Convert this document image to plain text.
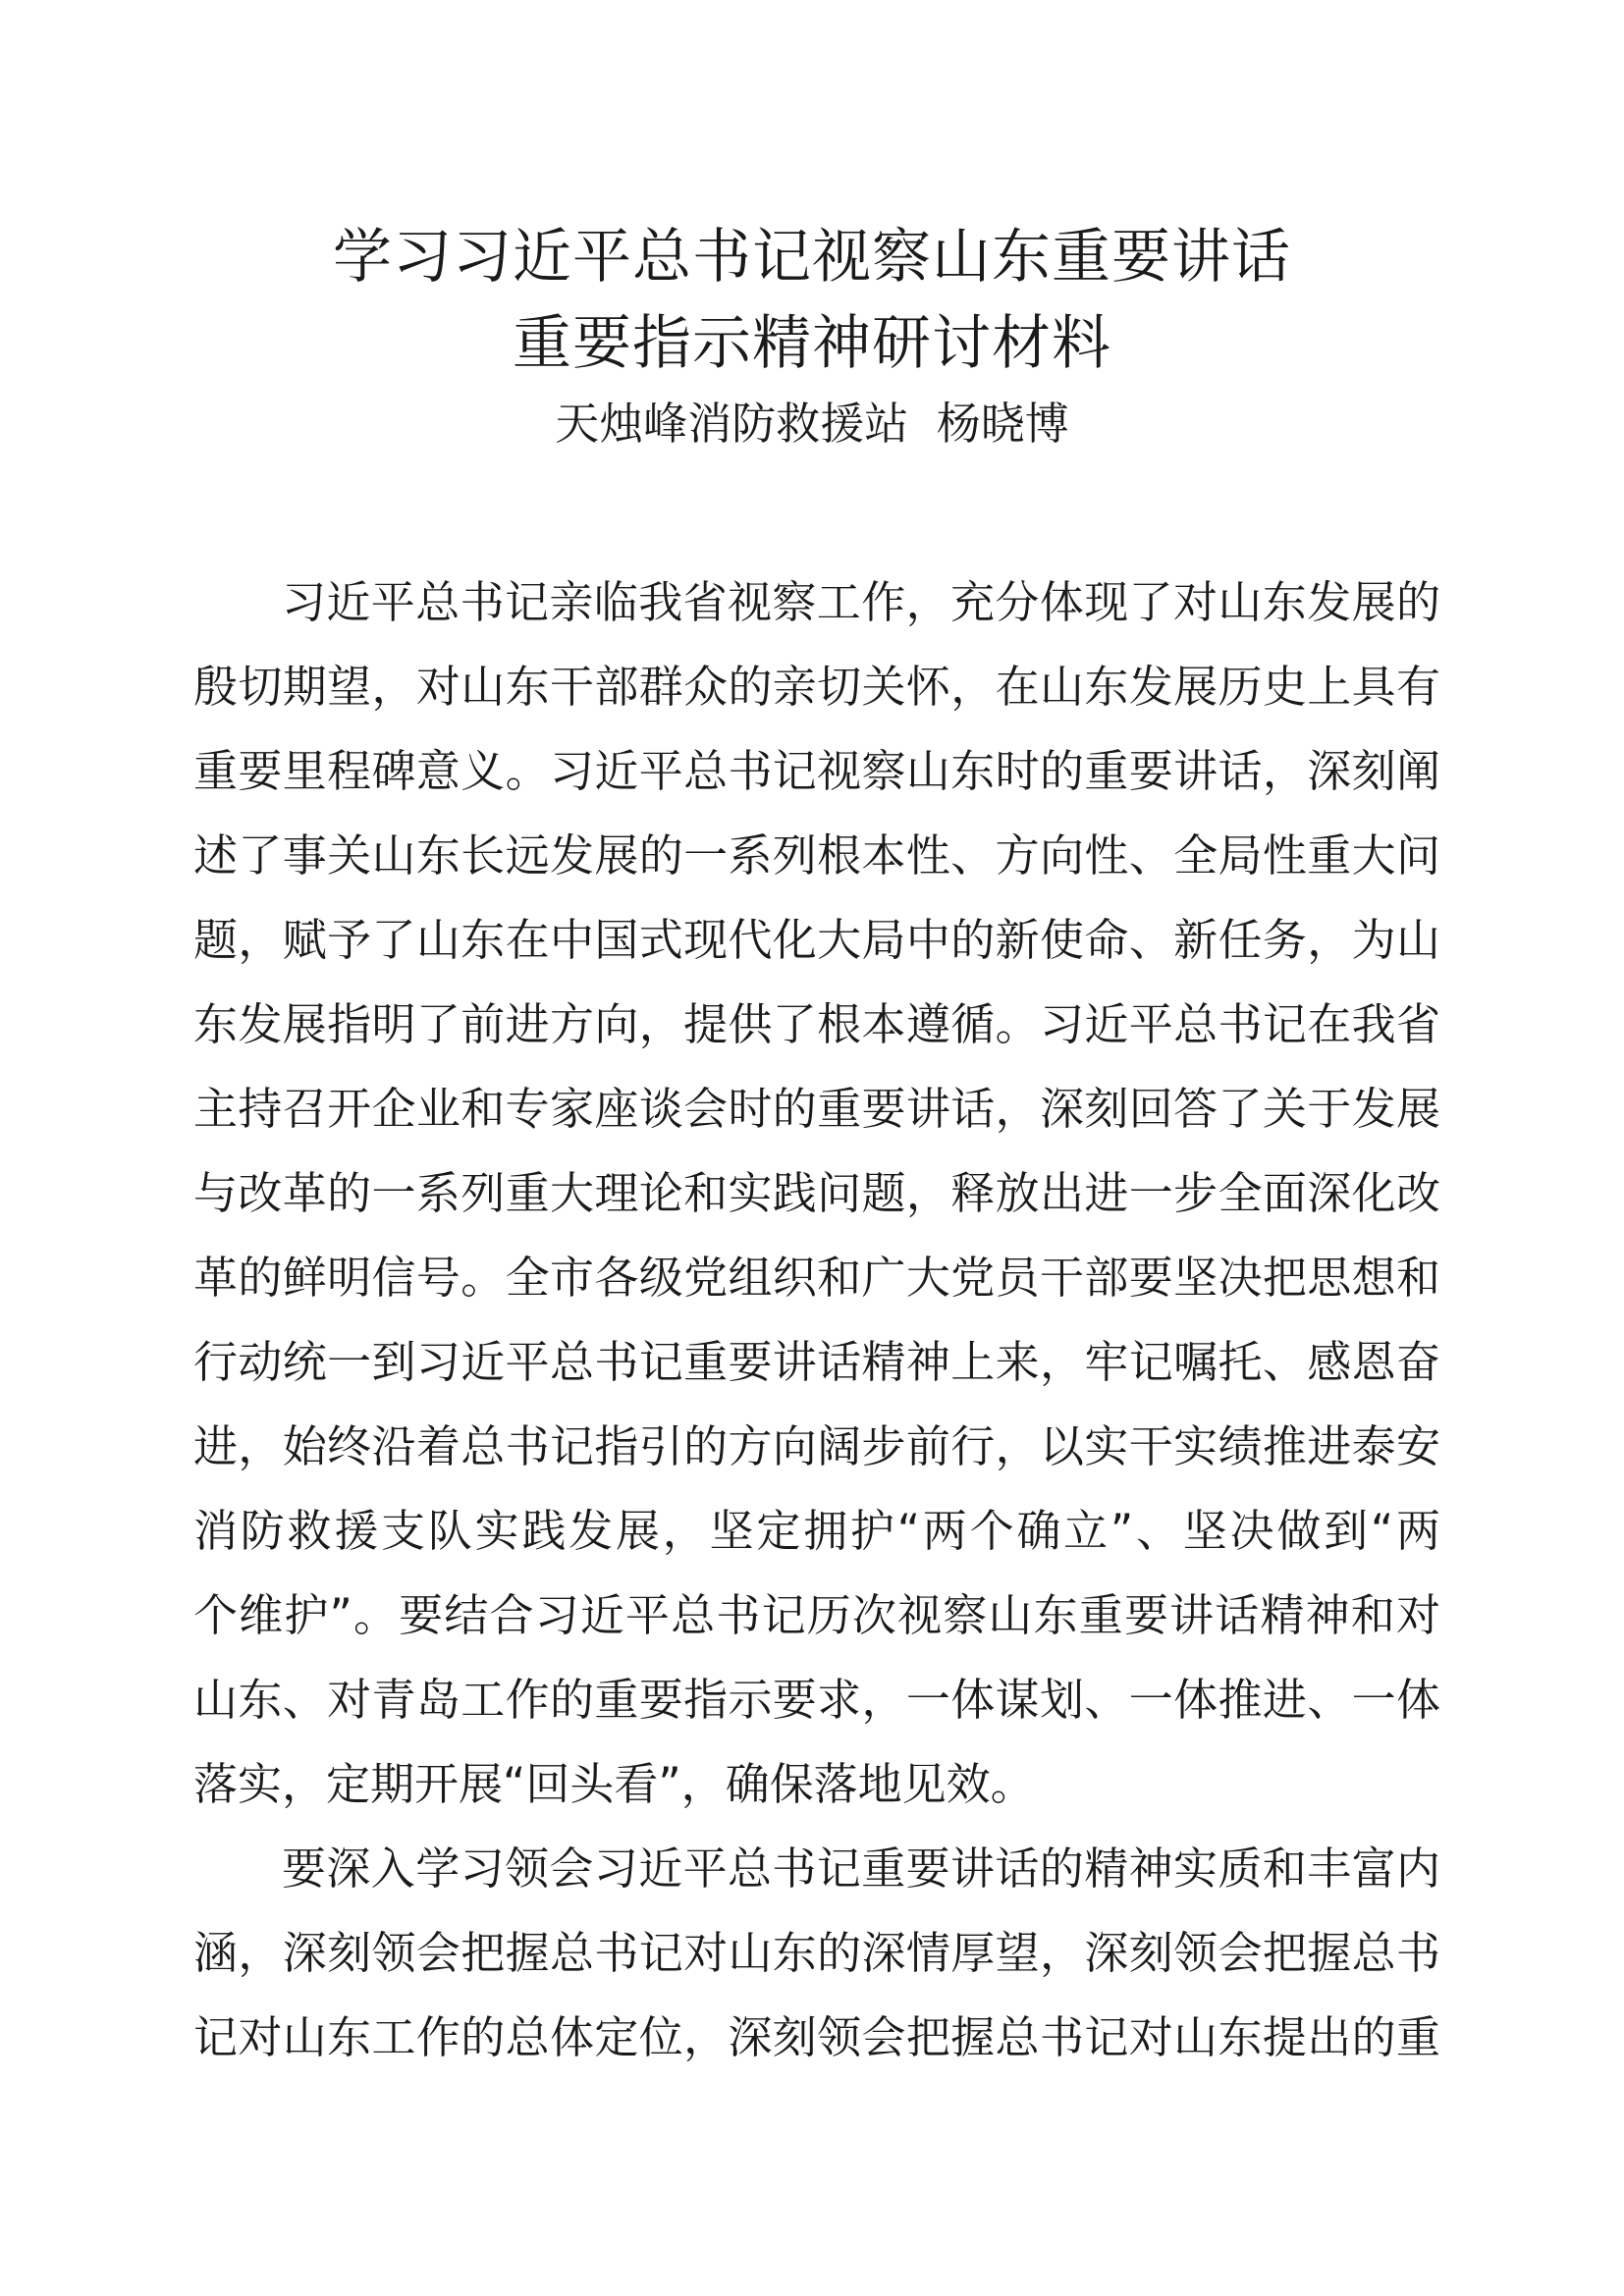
学习习近平总书记视察山东重要讲话
重要指示精神研讨材料
天烛峰消防救援站  杨晓博
习近平总书记亲临我省视察工作，充分体现了对山东发展的
殷切期望，对山东干部群众的亲切关怀，在山东发展历史上具有
重要里程碑意义。习近平总书记视察山东时的重要讲话，深刻阐
述了事关山东长远发展的一系列根本性、方向性、全局性重大问
题，赋予了山东在中国式现代化大局中的新使命、新任务，为山
东发展指明了前进方向，提供了根本遵循。习近平总书记在我省
主持召开企业和专家座谈会时的重要讲话，深刻回答了关于发展
与改革的一系列重大理论和实践问题，释放出进一步全面深化改
革的鲜明信号。全市各级党组织和广大党员干部要坚决把思想和
行动统一到习近平总书记重要讲话精神上来，牢记嘱托、感恩奋
进，始终沿着总书记指引的方向阔步前行，以实干实绩推进泰安
消防救援支队实践发展，坚定拥护“两个确立”、坚决做到“两
个维护”。要结合习近平总书记历次视察山东重要讲话精神和对
山东、对青岛工作的重要指示要求，一体谋划、一体推进、一体
落实，定期开展“回头看”，确保落地见效。
要深入学习领会习近平总书记重要讲话的精神实质和丰富内
涵，深刻领会把握总书记对山东的深情厚望，深刻领会把握总书
记对山东工作的总体定位，深刻领会把握总书记对山东提出的重
